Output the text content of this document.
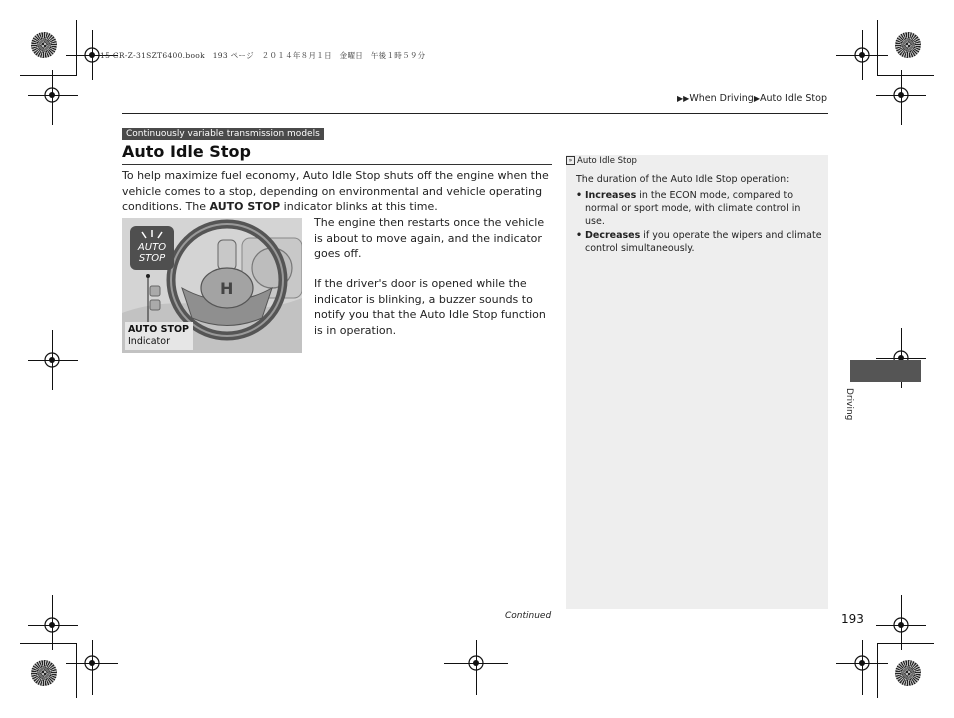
15 CR-Z-31SZT6400.book　193 ページ　２０１４年８月１日　金曜日　午後１時５９分
▶▶When Driving▶Auto Idle Stop
Continuously variable transmission models
Auto Idle Stop
To help maximize fuel economy, Auto Idle Stop shuts off the engine when the vehicle comes to a stop, depending on environmental and vehicle operating conditions. The AUTO STOP indicator blinks at this time.
The engine then restarts once the vehicle is about to move again, and the indicator goes off.
If the driver's door is opened while the indicator is blinking, a buzzer sounds to notify you that the Auto Idle Stop function is in operation.
H
AUTO
STOP
AUTO STOP
Indicator
» Auto Idle Stop
The duration of the Auto Idle Stop operation:
• Increases in the ECON mode, compared to normal or sport mode, with climate control in use.
• Decreases if you operate the wipers and climate control simultaneously.
Continued	193
Driving
